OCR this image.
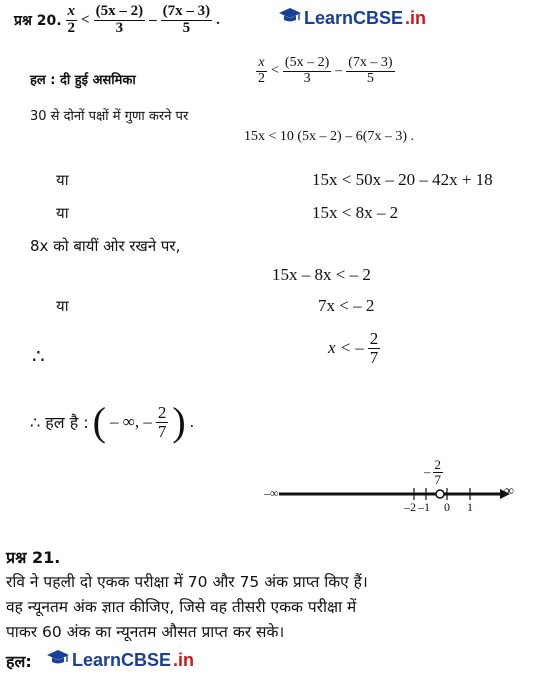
प्रश्न 20. $\frac{x}{2} < \frac{(5x - 2)}{3} - \frac{(7x - 3)}{5}$ .	LearnCBSE .in
हल : दी हुई असमिका	$\frac{x}{2} < \frac{(5x - 2)}{3} - \frac{(7x - 3)}{5}$
30 से दोनों पक्षों में गुणा करने पर
15x < 10 (5x – 2) – 6(7x – 3) .
या	15x < 50x – 20 – 42x + 18
या	15x < 8x – 2
8x को बायीं ओर रखने पर,
15x – 8x < – 2
या	7x < – 2
∴	x < – $\frac{2}{7}$
∴ हल है : ( – ∞, – $\frac{2}{7}$ ) .
– $\frac{2}{7}$
–∞	∞
–2 –1 0 1
प्रश्न 21.
रवि ने पहली दो एकक परीक्षा में 70 और 75 अंक प्राप्त किए हैं।
वह न्यूनतम अंक ज्ञात कीजिए, जिसे वह तीसरी एकक परीक्षा में
पाकर 60 अंक का न्यूनतम औसत प्राप्त कर सके।
हल: LearnCBSE .in
